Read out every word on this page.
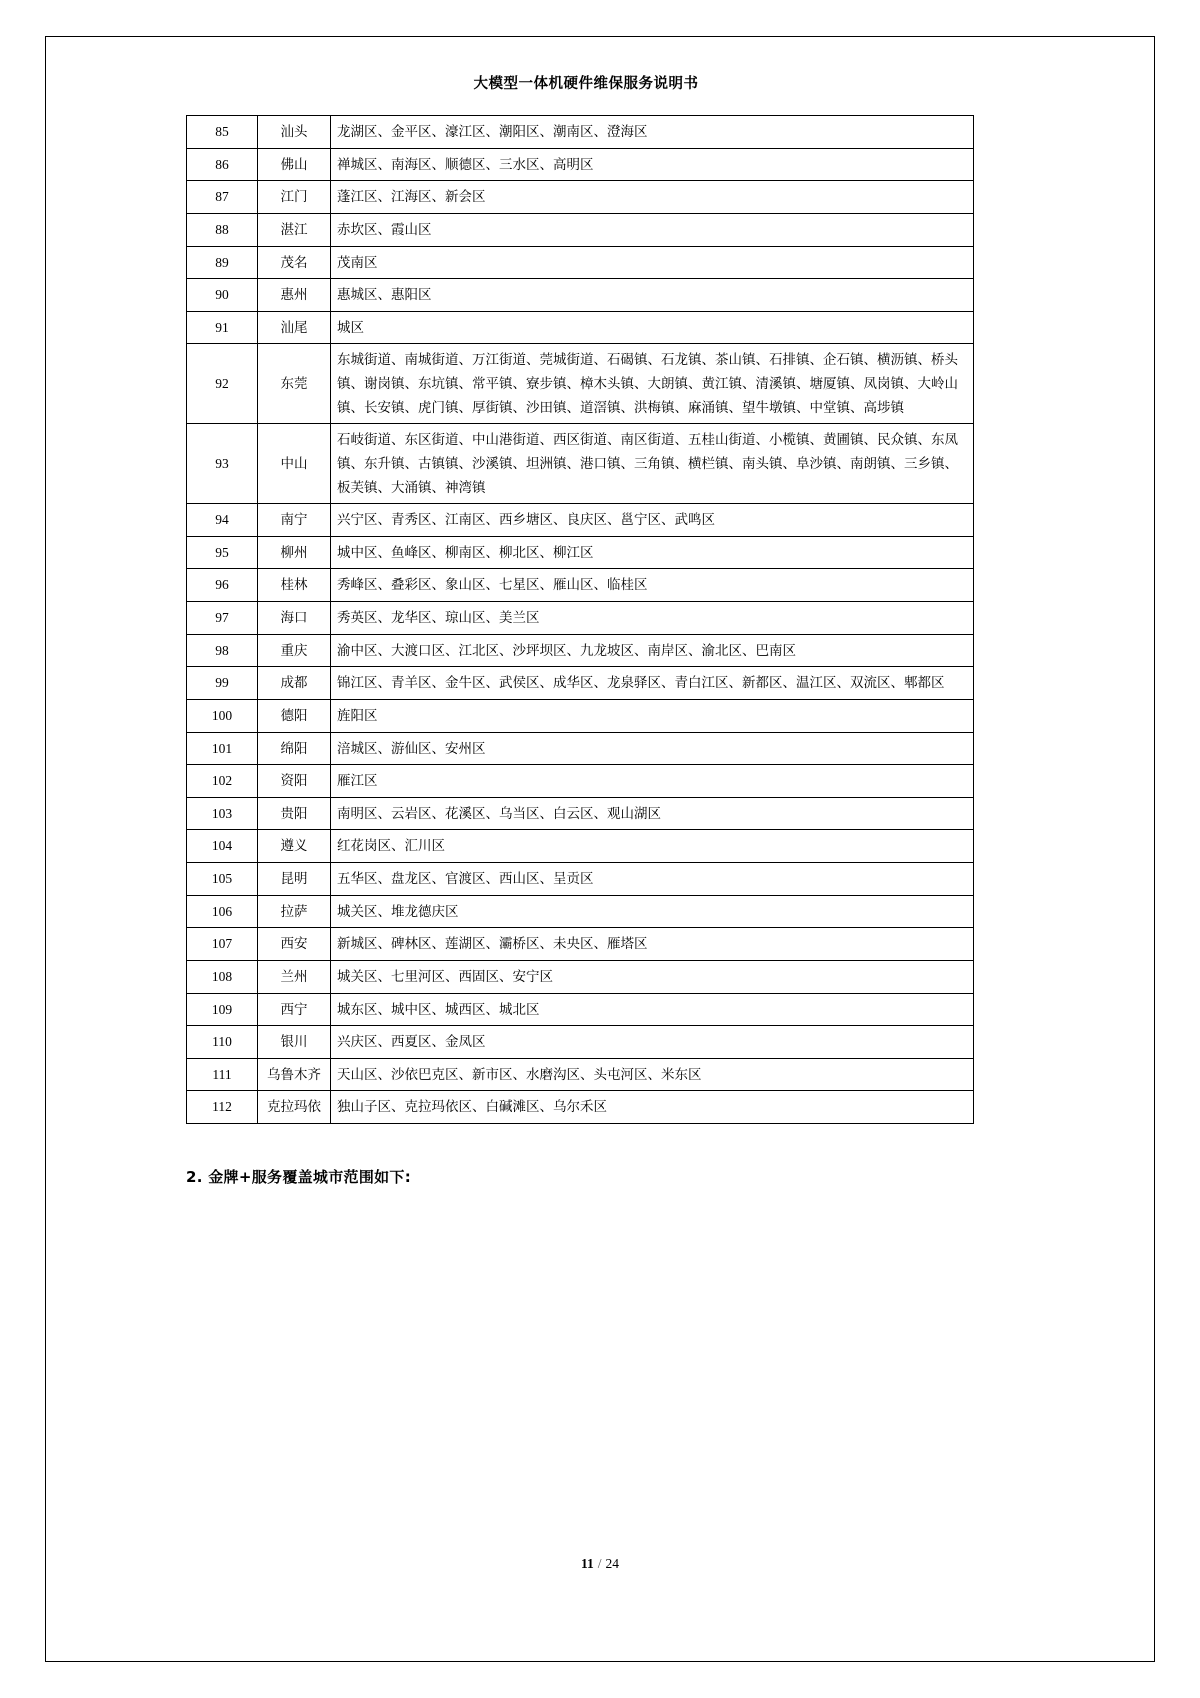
大模型一体机硬件维保服务说明书
85	汕头	龙湖区、金平区、濠江区、潮阳区、潮南区、澄海区
86	佛山	禅城区、南海区、顺德区、三水区、高明区
87	江门	蓬江区、江海区、新会区
88	湛江	赤坎区、霞山区
89	茂名	茂南区
90	惠州	惠城区、惠阳区
91	汕尾	城区
92	东莞	东城街道、南城街道、万江街道、莞城街道、石碣镇、石龙镇、茶山镇、石排镇、企石镇、横沥镇、桥头镇、谢岗镇、东坑镇、常平镇、寮步镇、樟木头镇、大朗镇、黄江镇、清溪镇、塘厦镇、凤岗镇、大岭山镇、长安镇、虎门镇、厚街镇、沙田镇、道滘镇、洪梅镇、麻涌镇、望牛墩镇、中堂镇、高埗镇
93	中山	石岐街道、东区街道、中山港街道、西区街道、南区街道、五桂山街道、小榄镇、黄圃镇、民众镇、东凤镇、东升镇、古镇镇、沙溪镇、坦洲镇、港口镇、三角镇、横栏镇、南头镇、阜沙镇、南朗镇、三乡镇、板芙镇、大涌镇、神湾镇
94	南宁	兴宁区、青秀区、江南区、西乡塘区、良庆区、邕宁区、武鸣区
95	柳州	城中区、鱼峰区、柳南区、柳北区、柳江区
96	桂林	秀峰区、叠彩区、象山区、七星区、雁山区、临桂区
97	海口	秀英区、龙华区、琼山区、美兰区
98	重庆	渝中区、大渡口区、江北区、沙坪坝区、九龙坡区、南岸区、渝北区、巴南区
99	成都	锦江区、青羊区、金牛区、武侯区、成华区、龙泉驿区、青白江区、新都区、温江区、双流区、郫都区
100	德阳	旌阳区
101	绵阳	涪城区、游仙区、安州区
102	资阳	雁江区
103	贵阳	南明区、云岩区、花溪区、乌当区、白云区、观山湖区
104	遵义	红花岗区、汇川区
105	昆明	五华区、盘龙区、官渡区、西山区、呈贡区
106	拉萨	城关区、堆龙德庆区
107	西安	新城区、碑林区、莲湖区、灞桥区、未央区、雁塔区
108	兰州	城关区、七里河区、西固区、安宁区
109	西宁	城东区、城中区、城西区、城北区
110	银川	兴庆区、西夏区、金凤区
111	乌鲁木齐	天山区、沙依巴克区、新市区、水磨沟区、头屯河区、米东区
112	克拉玛依	独山子区、克拉玛依区、白碱滩区、乌尔禾区
2. 金牌+服务覆盖城市范围如下:
11 / 24
